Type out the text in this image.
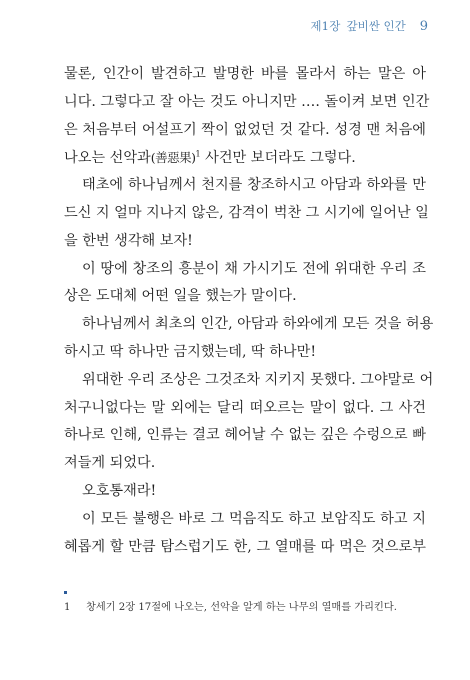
제1장 갚비싼 인간 9
물론, 인간이 발견하고 발명한 바를 몰라서 하는 말은 아
니다. 그렇다고 잘 아는 것도 아니지만 …. 돌이켜 보면 인간
은 처음부터 어설프기 짝이 없었던 것 같다. 성경 맨 처음에
나오는 선악과(善惡果)$^1$ 사건만 보더라도 그렇다.
태초에 하나님께서 천지를 창조하시고 아담과 하와를 만
드신 지 얼마 지나지 않은, 감격이 벅찬 그 시기에 일어난 일
을 한번 생각해 보자!
이 땅에 창조의 흥분이 채 가시기도 전에 위대한 우리 조
상은 도대체 어떤 일을 했는가 말이다.
하나님께서 최초의 인간, 아담과 하와에게 모든 것을 허용
하시고 딱 하나만 금지했는데, 딱 하나만!
위대한 우리 조상은 그것조차 지키지 못했다. 그야말로 어
처구니없다는 말 외에는 달리 떠오르는 말이 없다. 그 사건
하나로 인해, 인류는 결코 헤어날 수 없는 깊은 수렁으로 빠
져들게 되었다.
오호통재라!
이 모든 불행은 바로 그 먹음직도 하고 보암직도 하고 지
혜롭게 할 만큼 탐스럽기도 한, 그 열매를 따 먹은 것으로부
1 창세기 2장 17절에 나오는, 선악을 알게 하는 나무의 열매를 가리킨다.
